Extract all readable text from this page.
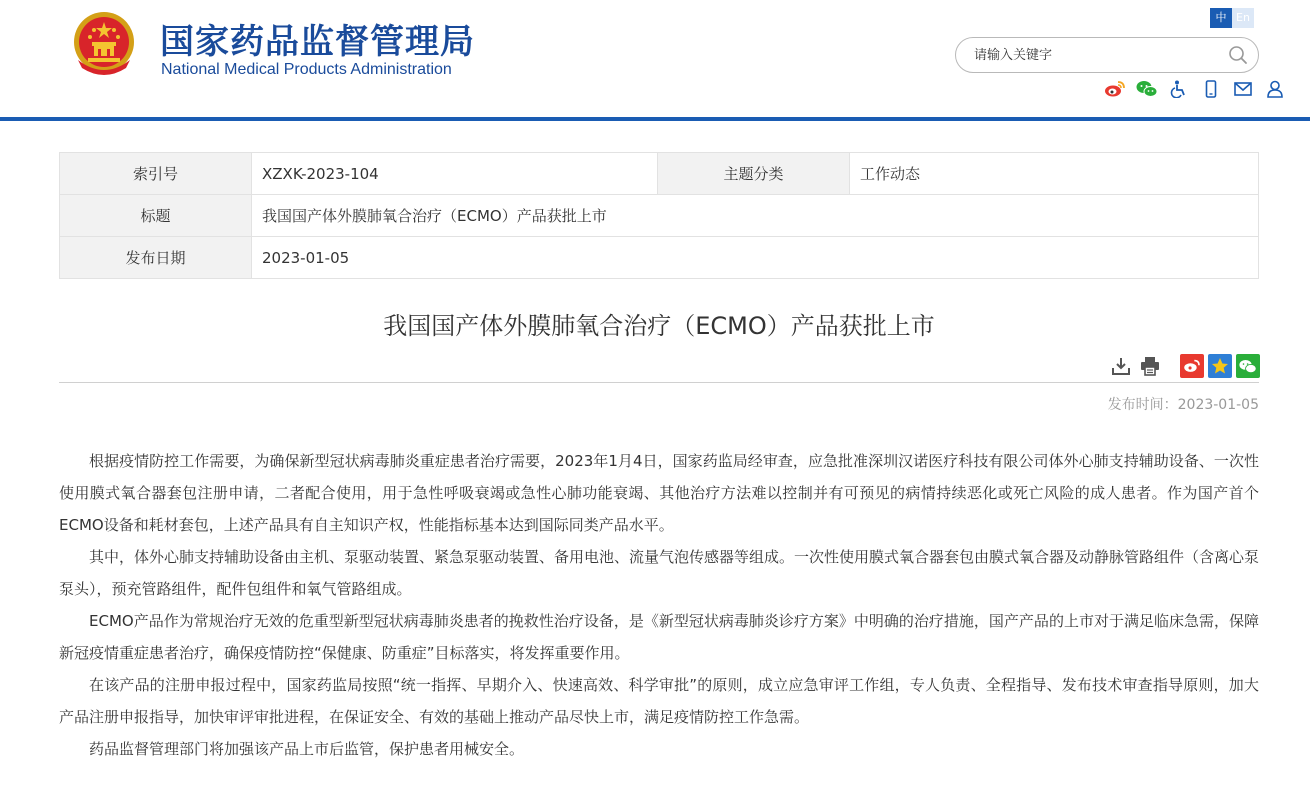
国家药品监督管理局
National Medical Products Administration
中 En
请输入关键字
索引号	XZXK-2023-104	主题分类	工作动态
标题	我国国产体外膜肺氧合治疗（ECMO）产品获批上市		
发布日期	2023-01-05		
我国国产体外膜肺氧合治疗（ECMO）产品获批上市
发布时间：2023-01-05

根据疫情防控工作需要，为确保新型冠状病毒肺炎重症患者治疗需要，2023年1月4日，国家药监局经审查，应急批准深圳汉诺医疗科技有限公司体外心肺支持辅助设备、一次性使用膜式氧合器套包注册申请，二者配合使用，用于急性呼吸衰竭或急性心肺功能衰竭、其他治疗方法难以控制并有可预见的病情持续恶化或死亡风险的成人患者。作为国产首个ECMO设备和耗材套包，上述产品具有自主知识产权，性能指标基本达到国际同类产品水平。

其中，体外心肺支持辅助设备由主机、泵驱动装置、紧急泵驱动装置、备用电池、流量气泡传感器等组成。一次性使用膜式氧合器套包由膜式氧合器及动静脉管路组件（含离心泵泵头），预充管路组件，配件包组件和氧气管路组成。

ECMO产品作为常规治疗无效的危重型新型冠状病毒肺炎患者的挽救性治疗设备，是《新型冠状病毒肺炎诊疗方案》中明确的治疗措施，国产产品的上市对于满足临床急需，保障新冠疫情重症患者治疗，确保疫情防控“保健康、防重症”目标落实，将发挥重要作用。

在该产品的注册申报过程中，国家药监局按照“统一指挥、早期介入、快速高效、科学审批”的原则，成立应急审评工作组，专人负责、全程指导、发布技术审查指导原则，加大产品注册申报指导，加快审评审批进程，在保证安全、有效的基础上推动产品尽快上市，满足疫情防控工作急需。

药品监督管理部门将加强该产品上市后监管，保护患者用械安全。
